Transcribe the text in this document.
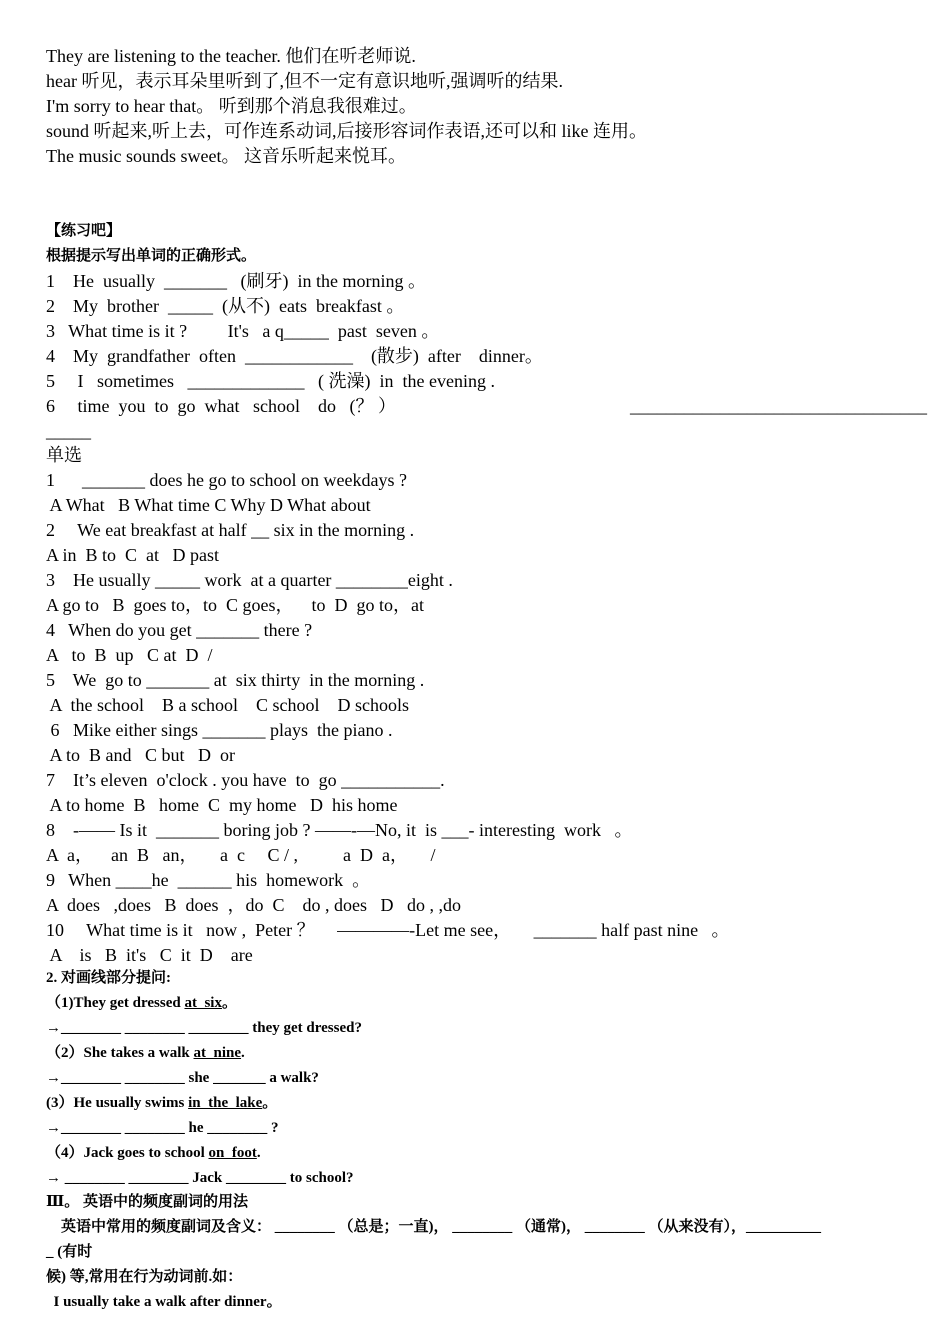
They are listening to the teacher. 他们在听老师说.
hear 听见，表示耳朵里听到了,但不一定有意识地听,强调听的结果.
I'm sorry to hear that。 听到那个消息我很难过。
sound 听起来,听上去，可作连系动词,后接形容词作表语,还可以和 like 连用。
The music sounds sweet。 这音乐听起来悦耳。
【练习吧】
根据提示写出单词的正确形式。
1    He  usually  _______   (刷牙)  in the morning 。
2    My  brother  _____  (从不)  eats  breakfast 。
3   What time is it ?         It's   a q_____  past  seven 。
4    My  grandfather  often  ____________    (散步)  after    dinner。
5     I   sometimes   _____________   ( 洗澡)  in  the evening .
6     time  you  to  go  what   school    do   (？ ）	_________________________________
_____
单选
1      _______ does he go to school on weekdays ?
A What   B What time C Why D What about
2     We eat breakfast at half __ six in the morning .
A in  B to  C  at   D past
3    He usually _____ work  at a quarter ________eight .
A go to   B  goes to，to  C goes，    to  D  go to，at
4   When do you get _______ there ?
A   to  B  up   C at  D  /
5    We  go to _______ at  six thirty  in the morning .
A  the school    B a school    C school    D schools
6   Mike either sings _______ plays  the piano .
A to  B and   C but   D  or
7    It’s eleven  o'clock . you have  to  go ___________.
A to home  B   home  C  my home   D  his home
8    -—— Is it  _______ boring job ? ——-—No, it  is ___- interesting  work   。
A  a，    an  B   an，     a  c     C / ,          a  D  a，     /
9   When ____he  ______ his  homework  。
A  does   ,does   B  does  ，do  C    do , does   D   do , ,do
10     What time is it   now ,  Peter ？     ————-Let me see，     _______ half past nine   。
A    is   B  it's   C  it  D    are
2. 对画线部分提问:
（1)They get dressed at  six。
→________ ________ ________ they get dressed?
（2）She takes a walk at  nine.
→________ ________ she _______ a walk?
(3）He usually swims in  the  lake。
→________ ________ he ________ ?
（4）Jack goes to school on  foot.
→ ________ ________ Jack ________ to school?
Ⅲ。 英语中的频度副词的用法
英语中常用的频度副词及含义： ________ （总是；一直)， ________ （通常)， ________ （从来没有），__________
_ (有时
候) 等,常用在行为动词前.如：
I usually take a walk after dinner。
